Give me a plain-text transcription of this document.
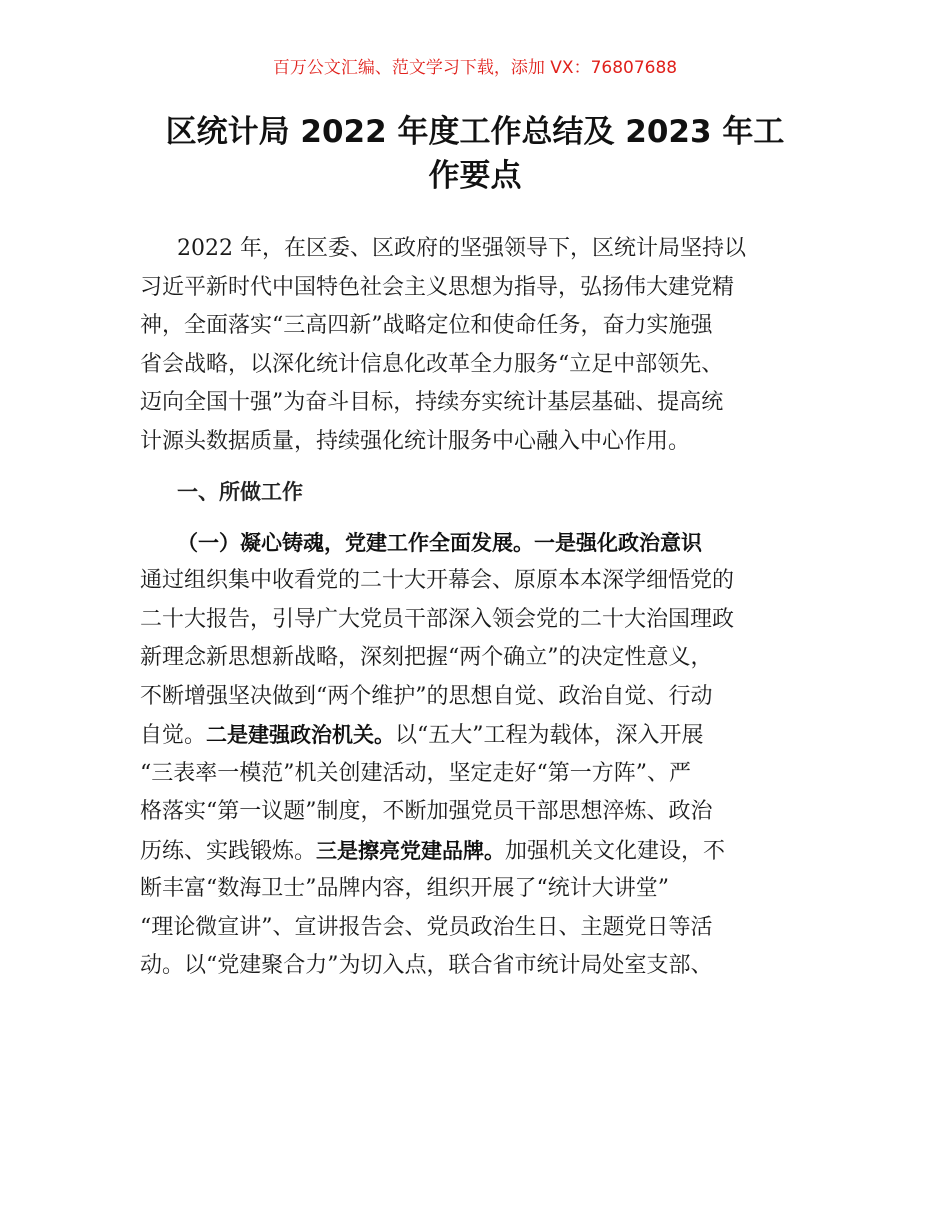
百万公文汇编、范文学习下载，添加 VX：76807688
区统计局 2022 年度工作总结及 2023 年工
作要点

2022 年，在区委、区政府的坚强领导下，区统计局坚持以
习近平新时代中国特色社会主义思想为指导，弘扬伟大建党精
神，全面落实“三高四新”战略定位和使命任务，奋力实施强
省会战略，以深化统计信息化改革全力服务“立足中部领先、
迈向全国十强”为奋斗目标，持续夯实统计基层基础、提高统
计源头数据质量，持续强化统计服务中心融入中心作用。

一、所做工作

（一）凝心铸魂，党建工作全面发展。一是强化政治意识
通过组织集中收看党的二十大开幕会、原原本本深学细悟党的
二十大报告，引导广大党员干部深入领会党的二十大治国理政
新理念新思想新战略，深刻把握“两个确立”的决定性意义，
不断增强坚决做到“两个维护”的思想自觉、政治自觉、行动
自觉。二是建强政治机关。以“五大”工程为载体，深入开展
“三表率一模范”机关创建活动，坚定走好“第一方阵”、严
格落实“第一议题”制度，不断加强党员干部思想淬炼、政治
历练、实践锻炼。三是擦亮党建品牌。加强机关文化建设，不
断丰富“数海卫士”品牌内容，组织开展了“统计大讲堂”
“理论微宣讲”、宣讲报告会、党员政治生日、主题党日等活
动。以“党建聚合力”为切入点，联合省市统计局处室支部、
